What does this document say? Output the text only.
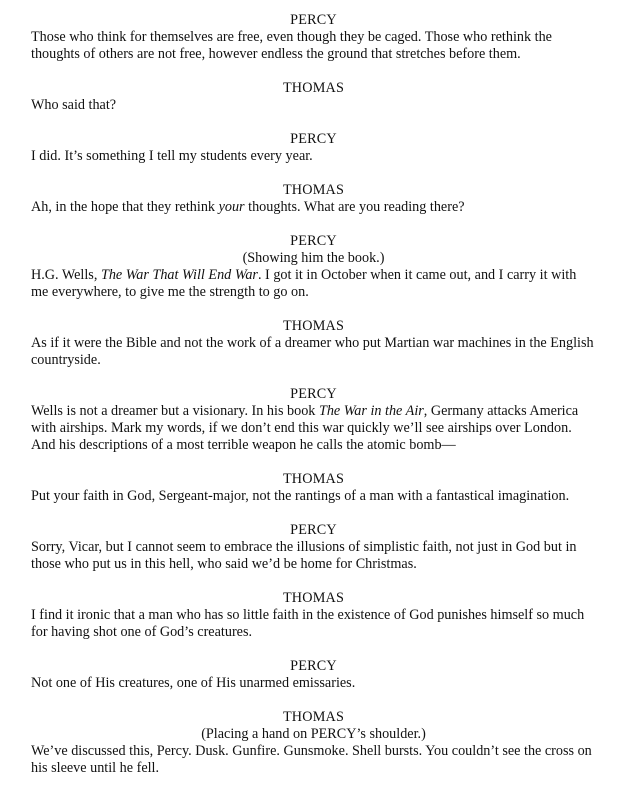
PERCY
Those who think for themselves are free, even though they be caged. Those who rethink the thoughts of others are not free, however endless the ground that stretches before them.
THOMAS
Who said that?
PERCY
I did. It’s something I tell my students every year.
THOMAS
Ah, in the hope that they rethink your thoughts. What are you reading there?
PERCY
(Showing him the book.)
H.G. Wells, The War That Will End War. I got it in October when it came out, and I carry it with me everywhere, to give me the strength to go on.
THOMAS
As if it were the Bible and not the work of a dreamer who put Martian war machines in the English countryside.
PERCY
Wells is not a dreamer but a visionary. In his book The War in the Air, Germany attacks America with airships. Mark my words, if we don’t end this war quickly we’ll see airships over London. And his descriptions of a most terrible weapon he calls the atomic bomb—
THOMAS
Put your faith in God, Sergeant-major, not the rantings of a man with a fantastical imagination.
PERCY
Sorry, Vicar, but I cannot seem to embrace the illusions of simplistic faith, not just in God but in those who put us in this hell, who said we’d be home for Christmas.
THOMAS
I find it ironic that a man who has so little faith in the existence of God punishes himself so much for having shot one of God’s creatures.
PERCY
Not one of His creatures, one of His unarmed emissaries.
THOMAS
(Placing a hand on PERCY’s shoulder.)
We’ve discussed this, Percy. Dusk. Gunfire. Gunsmoke. Shell bursts. You couldn’t see the cross on his sleeve until he fell.
